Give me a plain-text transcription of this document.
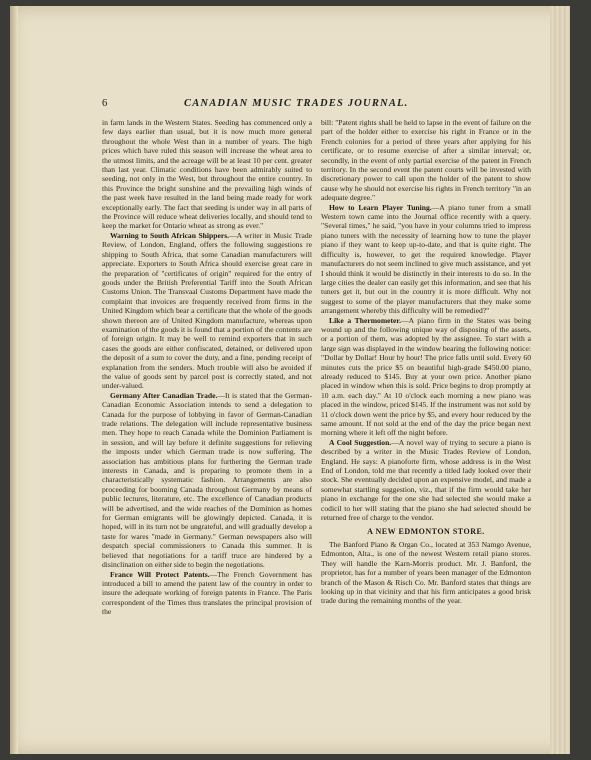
6	CANADIAN MUSIC TRADES JOURNAL.

in farm lands in the Western States. Seeding has commenced only a few days earlier than usual, but it is now much more general throughout the whole West than in a number of years. The high prices which have ruled this season will increase the wheat area to the utmost limits, and the acreage will be at least 10 per cent. greater than last year. Climatic conditions have been admirably suited to seeding, not only in the West, but throughout the entire country. In this Province the bright sunshine and the prevailing high winds of the past week have resulted in the land being made ready for work exceptionally early. The fact that seeding is under way in all parts of the Province will reduce wheat deliveries locally, and should tend to keep the market for Ontario wheat as strong as ever."

Warning to South African Shippers.—A writer in Music Trade Review, of London, England, offers the following suggestions re shipping to South Africa, that some Canadian manufacturers will appreciate. Exporters to South Africa should exercise great care in the preparation of "certificates of origin" required for the entry of goods under the British Preferential Tariff into the South African Customs Union. The Transvaal Customs Department have made the complaint that invoices are frequently received from firms in the United Kingdom which bear a certificate that the whole of the goods shown thereon are of United Kingdom manufacture, whereas upon examination of the goods it is found that a portion of the contents are of foreign origin. It may be well to remind exporters that in such cases the goods are either confiscated, detained, or delivered upon the deposit of a sum to cover the duty, and a fine, pending receipt of explanation from the senders. Much trouble will also be avoided if the value of goods sent by parcel post is correctly stated, and not under-valued.

Germany After Canadian Trade.—It is stated that the German-Canadian Economic Association intends to send a delegation to Canada for the purpose of lobbying in favor of German-Canadian trade relations. The delegation will include representative business men. They hope to reach Canada while the Dominion Parliament is in session, and will lay before it definite suggestions for relieving the imposts under which German trade is now suffering. The association has ambitious plans for furthering the German trade interests in Canada, and is preparing to promote them in a characteristically systematic fashion. Arrangements are also proceeding for booming Canada throughout Germany by means of public lectures, literature, etc. The excellence of Canadian products will be advertised, and the wide reaches of the Dominion as homes for German emigrants will be glowingly depicted. Canada, it is hoped, will in its turn not be ungrateful, and will gradually develop a taste for wares "made in Germany." German newspapers also will despatch special commissioners to Canada this summer. It is believed that negotiations for a tariff truce are hindered by a disinclination on either side to begin the negotiations.

France Will Protect Patents.—The French Government has introduced a bill to amend the patent law of the country in order to insure the adequate working of foreign patents in France. The Paris correspondent of the Times thus translates the principal provision of the

bill: "Patent rights shall be held to lapse in the event of failure on the part of the holder either to exercise his right in France or in the French colonies for a period of three years after applying for his certificate, or to resume exercise of after a similar interval; or, secondly, in the event of only partial exercise of the patent in French territory. In the second event the patent courts will be invested with discretionary power to call upon the holder of the patent to show cause why he should not exercise his rights in French territory "in an adequate degree."

How to Learn Player Tuning.—A piano tuner from a small Western town came into the Journal office recently with a query. "Several times," he said, "you have in your columns tried to impress piano tuners with the necessity of learning how to tune the player piano if they want to keep up-to-date, and that is quite right. The difficulty is, however, to get the required knowledge. Player manufacturers do not seem inclined to give much assistance, and yet I should think it would be distinctly in their interests to do so. In the large cities the dealer can easily get this information, and see that his tuners get it, but out in the country it is more difficult. Why not suggest to some of the player manufacturers that they make some arrangement whereby this difficulty will be remedied?"

Like a Thermometer.—A piano firm in the States was being wound up and the following unique way of disposing of the assets, or a portion of them, was adopted by the assignee. To start with a large sign was displayed in the window bearing the following notice: "Dollar by Dollar! Hour by hour! The price falls until sold. Every 60 minutes cuts the price $5 on beautiful high-grade $450.00 piano, already reduced to $145. Buy at your own price. Another piano placed in window when this is sold. Price begins to drop promptly at 10 a.m. each day." At 10 o'clock each morning a new piano was placed in the window, priced $145. If the instrument was not sold by 11 o'clock down went the price by $5, and every hour reduced by the same amount. If not sold at the end of the day the price began next morning where it left off the night before.

A Cool Suggestion.—A novel way of trying to secure a piano is described by a writer in the Music Trades Review of London, England. He says: A pianoforte firm, whose address is in the West End of London, told me that recently a titled lady looked over their stock. She eventually decided upon an expensive model, and made a somewhat startling suggestion, viz., that if the firm would take her piano in exchange for the one she had selected she would make a codicil to her will stating that the piano she had selected should be returned free of charge to the vendor.

A NEW EDMONTON STORE.

The Banford Piano & Organ Co., located at 353 Namgo Avenue, Edmonton, Alta., is one of the newest Western retail piano stores. They will handle the Karn-Morris product. Mr. J. Banford, the proprietor, has for a number of years been manager of the Edmonton branch of the Mason & Risch Co. Mr. Banford states that things are looking up in that vicinity and that his firm anticipates a good brisk trade during the remaining months of the year.
